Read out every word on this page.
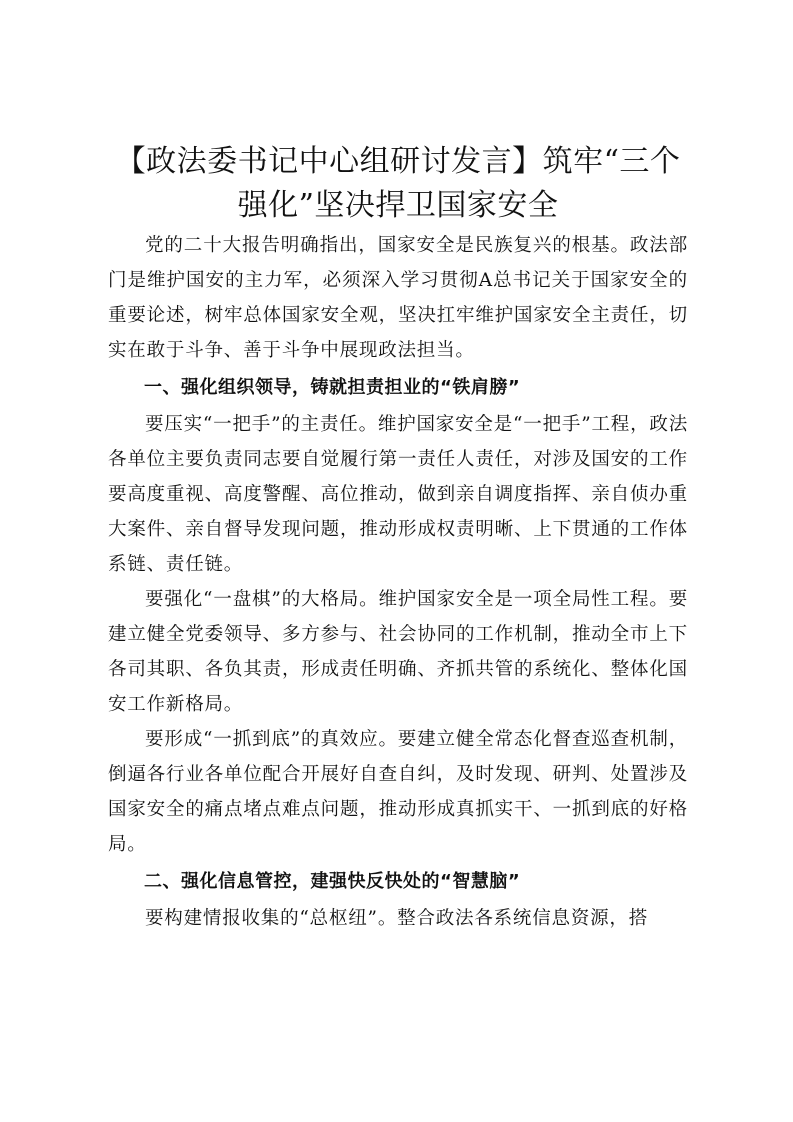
【政法委书记中心组研讨发言】筑牢“三个强化”坚决捍卫国家安全

党的二十大报告明确指出，国家安全是民族复兴的根基。政法部门是维护国安的主力军，必须深入学习贯彻A总书记关于国家安全的重要论述，树牢总体国家安全观，坚决扛牢维护国家安全主责任，切实在敢于斗争、善于斗争中展现政法担当。

一、强化组织领导，铸就担责担业的“铁肩膀”

要压实“一把手”的主责任。维护国家安全是“一把手”工程，政法各单位主要负责同志要自觉履行第一责任人责任，对涉及国安的工作要高度重视、高度警醒、高位推动，做到亲自调度指挥、亲自侦办重大案件、亲自督导发现问题，推动形成权责明晰、上下贯通的工作体系链、责任链。

要强化“一盘棋”的大格局。维护国家安全是一项全局性工程。要建立健全党委领导、多方参与、社会协同的工作机制，推动全市上下各司其职、各负其责，形成责任明确、齐抓共管的系统化、整体化国安工作新格局。

要形成“一抓到底”的真效应。要建立健全常态化督查巡查机制，倒逼各行业各单位配合开展好自查自纠，及时发现、研判、处置涉及国家安全的痛点堵点难点问题，推动形成真抓实干、一抓到底的好格局。

二、强化信息管控，建强快反快处的“智慧脑”

要构建情报收集的“总枢纽”。整合政法各系统信息资源，搭
